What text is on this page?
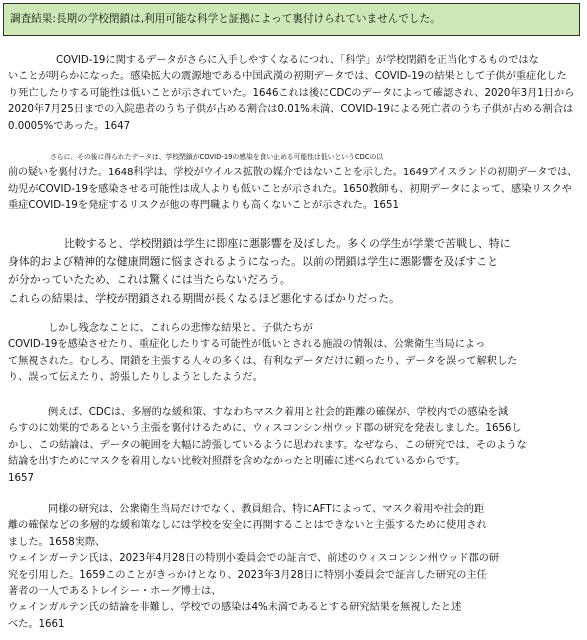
調査結果:長期の学校閉鎖は,利用可能な科学と証拠によって裏付けられていませんでした。
COVID-19に関するデータがさらに入手しやすくなるにつれ、「科学」が学校閉鎖を正当化するものではな
いことが明らかになった。感染拡大の震源地である中国武漢の初期データでは、COVID-19の結果として子供が重症化した
り死亡したりする可能性は低いことが示されていた。1646これは後にCDCのデータによって確認され、2020年3月1日から
2020年7月25日までの入院患者のうち子供が占める割合は0.01%未満、COVID-19による死亡者のうち子供が占める割合は
0.0005%であった。1647
さらに、その後に得られたデータは、学校閉鎖がCOVID-19の感染を食い止める可能性は低いというCDCの以
前の疑いを裏付けた。1648科学は、学校がウイルス拡散の媒介ではないことを示した。1649アイスランドの初期データでは、
幼児がCOVID-19を感染させる可能性は成人よりも低いことが示された。1650教師も、初期データによって、感染リスクや
重症COVID-19を発症するリスクが他の専門職よりも高くないことが示された。1651
比較すると、学校閉鎖は学生に即座に悪影響を及ぼした。多くの学生が学業で苦戦し、特に
身体的および精神的な健康問題に悩まされるようになった。以前の閉鎖は学生に悪影響を及ぼすこと
が分かっていたため、これは驚くには当たらないだろう。
これらの結果は、学校が閉鎖される期間が長くなるほど悪化するばかりだった。
しかし残念なことに、これらの悲惨な結果と、子供たちが
COVID-19を感染させたり、重症化したりする可能性が低いとされる施設の情報は、公衆衛生当局によっ
て無視された。むしろ、閉鎖を主張する人々の多くは、有利なデータだけに頼ったり、データを誤って解釈した
り、誤って伝えたり、誇張したりしようとしたようだ。
例えば、CDCは、多層的な緩和策、すなわちマスク着用と社会的距離の確保が、学校内での感染を減
らすのに効果的であるという主張を裏付けるために、ウィスコンシン州ウッド郡の研究を発表しました。1656し
かし、この結論は、データの範囲を大幅に誇張しているように思われます。なぜなら、この研究では、そのような
結論を出すためにマスクを着用しない比較対照群を含めなかったと明確に述べられているからです。
1657
同様の研究は、公衆衛生当局だけでなく、教員組合、特にAFTによって、マスク着用や社会的距
離の確保などの多層的な緩和策なしには学校を安全に再開することはできないと主張するために使用され
ました。1658実際、
ウェインガーテン氏は、2023年4月28日の特別小委員会での証言で、前述のウィスコンシン州ウッド郡の研
究を引用した。1659このことがきっかけとなり、2023年3月28日に特別小委員会で証言した研究の主任
著者の一人であるトレイシー・ホーグ博士は、
ウェインガルテン氏の結論を非難し、学校での感染は4%未満であるとする研究結果を無視したと述
べた。1661
